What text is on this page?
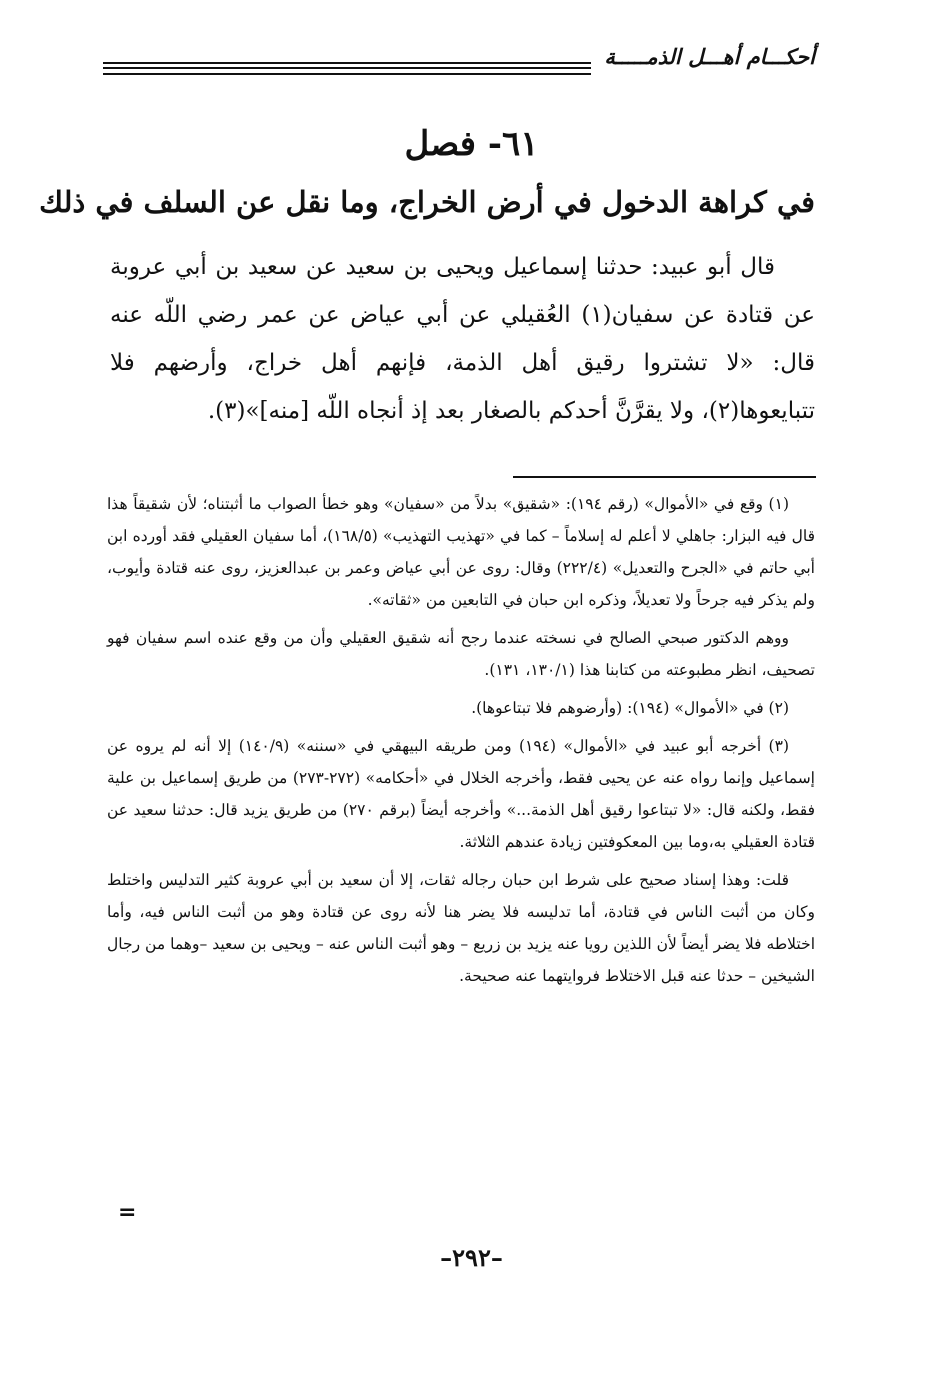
أحكـــام أهـــل الذمـــــة

٦١- فصل
في كراهة الدخول في أرض الخراج، وما نقل عن السلف في ذلك

قال أبو عبيد: حدثنا إسماعيل ويحيى بن سعيد عن سعيد بن أبي عروبة عن قتادة عن سفيان(١) العُقيلي عن أبي عياض عن عمر رضي اللّه عنه قال: «لا تشتروا رقيق أهل الذمة، فإنهم أهل خراج، وأرضهم فلا تتبايعوها(٢)، ولا يقرَّنَّ أحدكم بالصغار بعد إذ أنجاه اللّه [منه]»(٣).

(١) وقع في «الأموال» (رقم ١٩٤): «شقيق» بدلاً من «سفيان» وهو خطأ الصواب ما أثبتناه؛ لأن شقيقاً هذا قال فيه البزار: جاهلي لا أعلم له إسلاماً – كما في «تهذيب التهذيب» (١٦٨/٥)، أما سفيان العقيلي فقد أورده ابن أبي حاتم في «الجرح والتعديل» (٢٢٢/٤) وقال: روى عن أبي عياض وعمر بن عبدالعزيز، روى عنه قتادة وأيوب، ولم يذكر فيه جرحاً ولا تعديلاً، وذكره ابن حبان في التابعين من «ثقاته».

ووهم الدكتور صبحي الصالح في نسخته عندما رجح أنه شقيق العقيلي وأن من وقع عنده اسم سفيان فهو تصحيف، انظر مطبوعته من كتابنا هذا (١٣٠/١، ١٣١).

(٢) في «الأموال» (١٩٤): (وأرضوهم فلا تبتاعوها).

(٣) أخرجه أبو عبيد في «الأموال» (١٩٤) ومن طريقه البيهقي في «سننه» (١٤٠/٩) إلا أنه لم يروه عن إسماعيل وإنما رواه عنه عن يحيى فقط، وأخرجه الخلال في «أحكامه» (٢٧٢-٢٧٣) من طريق إسماعيل بن علية فقط، ولكنه قال: «لا تبتاعوا رقيق أهل الذمة...» وأخرجه أيضاً (برقم ٢٧٠) من طريق يزيد قال: حدثنا سعيد عن قتادة العقيلي به،وما بين المعكوفتين زيادة عندهم الثلاثة.

قلت: وهذا إسناد صحيح على شرط ابن حبان رجاله ثقات، إلا أن سعيد بن أبي عروبة كثير التدليس واختلط وكان من أثبت الناس في قتادة، أما تدليسه فلا يضر هنا لأنه روى عن قتادة وهو من أثبت الناس فيه، وأما اختلاطه فلا يضر أيضاً لأن اللذين رويا عنه يزيد بن زريع – وهو أثبت الناس عنه – ويحيى بن سعيد –وهما من رجال الشيخين – حدثا عنه قبل الاختلاط فروايتهما عنه صحيحة.

=

–٢٩٢–
